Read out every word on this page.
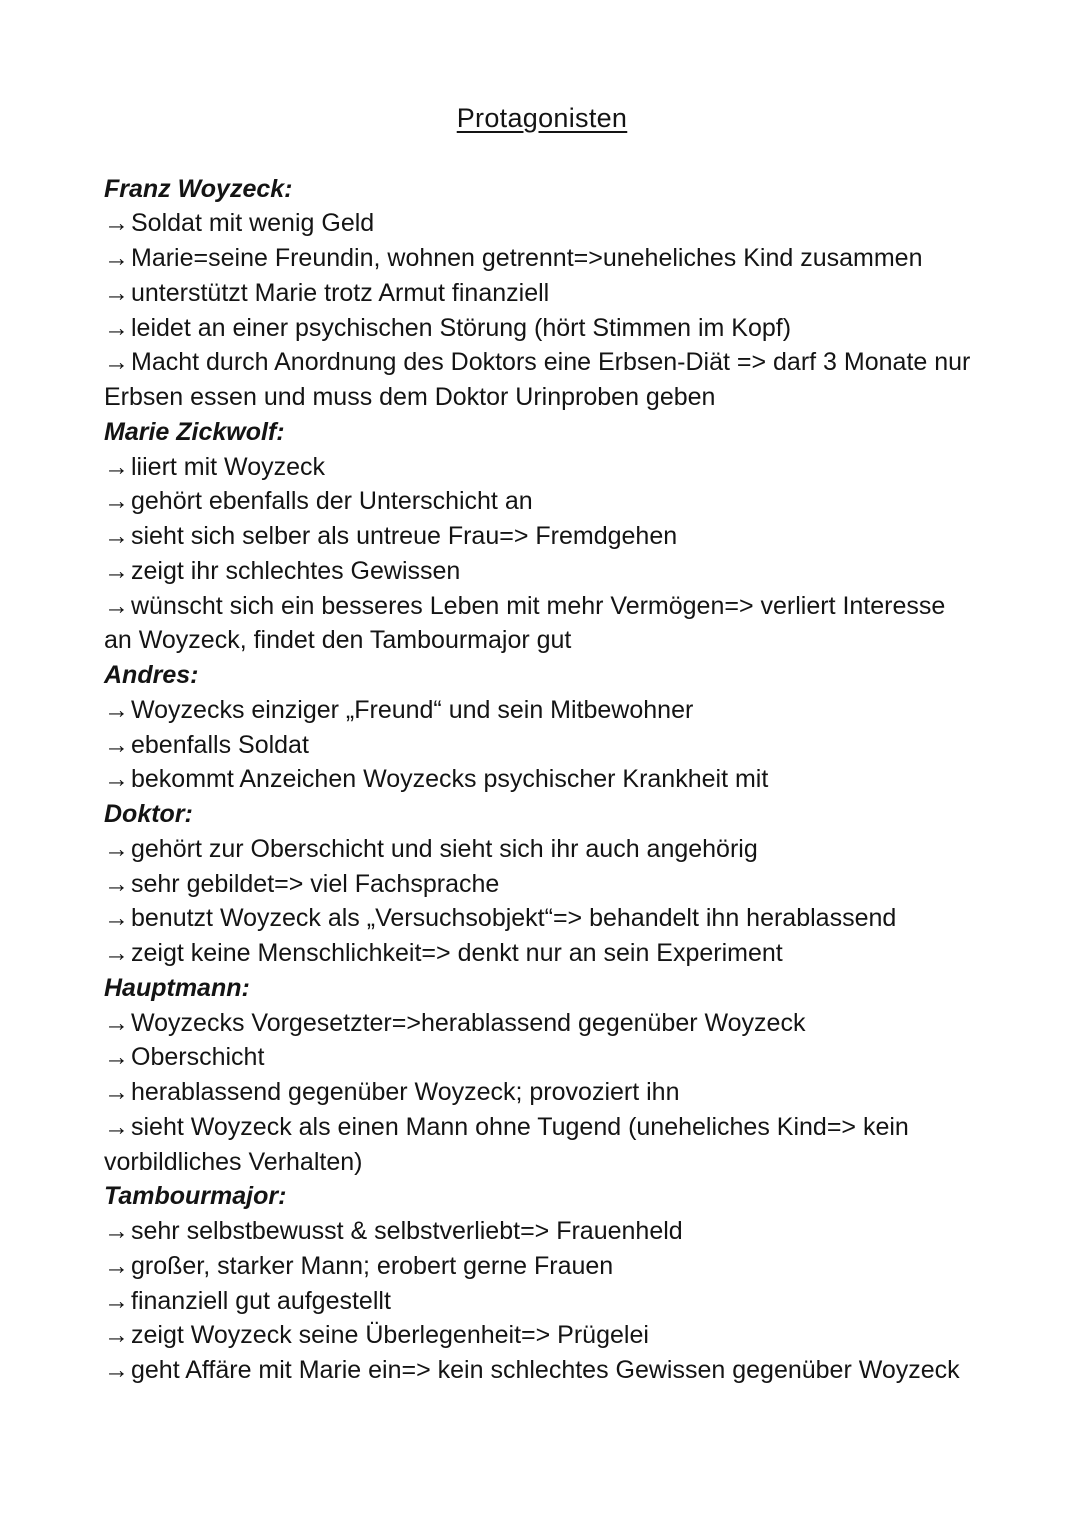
Protagonisten
Franz Woyzeck:
→Soldat mit wenig Geld
→Marie=seine Freundin, wohnen getrennt=>uneheliches Kind zusammen
→unterstützt Marie trotz Armut finanziell
→leidet an einer psychischen Störung (hört Stimmen im Kopf)
→Macht durch Anordnung des Doktors eine Erbsen-Diät => darf 3 Monate nur Erbsen essen und muss dem Doktor Urinproben geben
Marie Zickwolf:
→liiert mit Woyzeck
→gehört ebenfalls der Unterschicht an
→sieht sich selber als untreue Frau=> Fremdgehen
→zeigt ihr schlechtes Gewissen
→wünscht sich ein besseres Leben mit mehr Vermögen=> verliert Interesse an Woyzeck, findet den Tambourmajor gut
Andres:
→Woyzecks einziger „Freund“ und sein Mitbewohner
→ebenfalls Soldat
→bekommt Anzeichen Woyzecks psychischer Krankheit mit
Doktor:
→gehört zur Oberschicht und sieht sich ihr auch angehörig
→sehr gebildet=> viel Fachsprache
→benutzt Woyzeck als „Versuchsobjekt“=> behandelt ihn herablassend
→zeigt keine Menschlichkeit=> denkt nur an sein Experiment
Hauptmann:
→Woyzecks Vorgesetzter=>herablassend gegenüber Woyzeck
→Oberschicht
→herablassend gegenüber Woyzeck; provoziert ihn
→sieht Woyzeck als einen Mann ohne Tugend (uneheliches Kind=> kein vorbildliches Verhalten)
Tambourmajor:
→sehr selbstbewusst & selbstverliebt=> Frauenheld
→großer, starker Mann; erobert gerne Frauen
→finanziell gut aufgestellt
→zeigt Woyzeck seine Überlegenheit=> Prügelei
→geht Affäre mit Marie ein=> kein schlechtes Gewissen gegenüber Woyzeck
